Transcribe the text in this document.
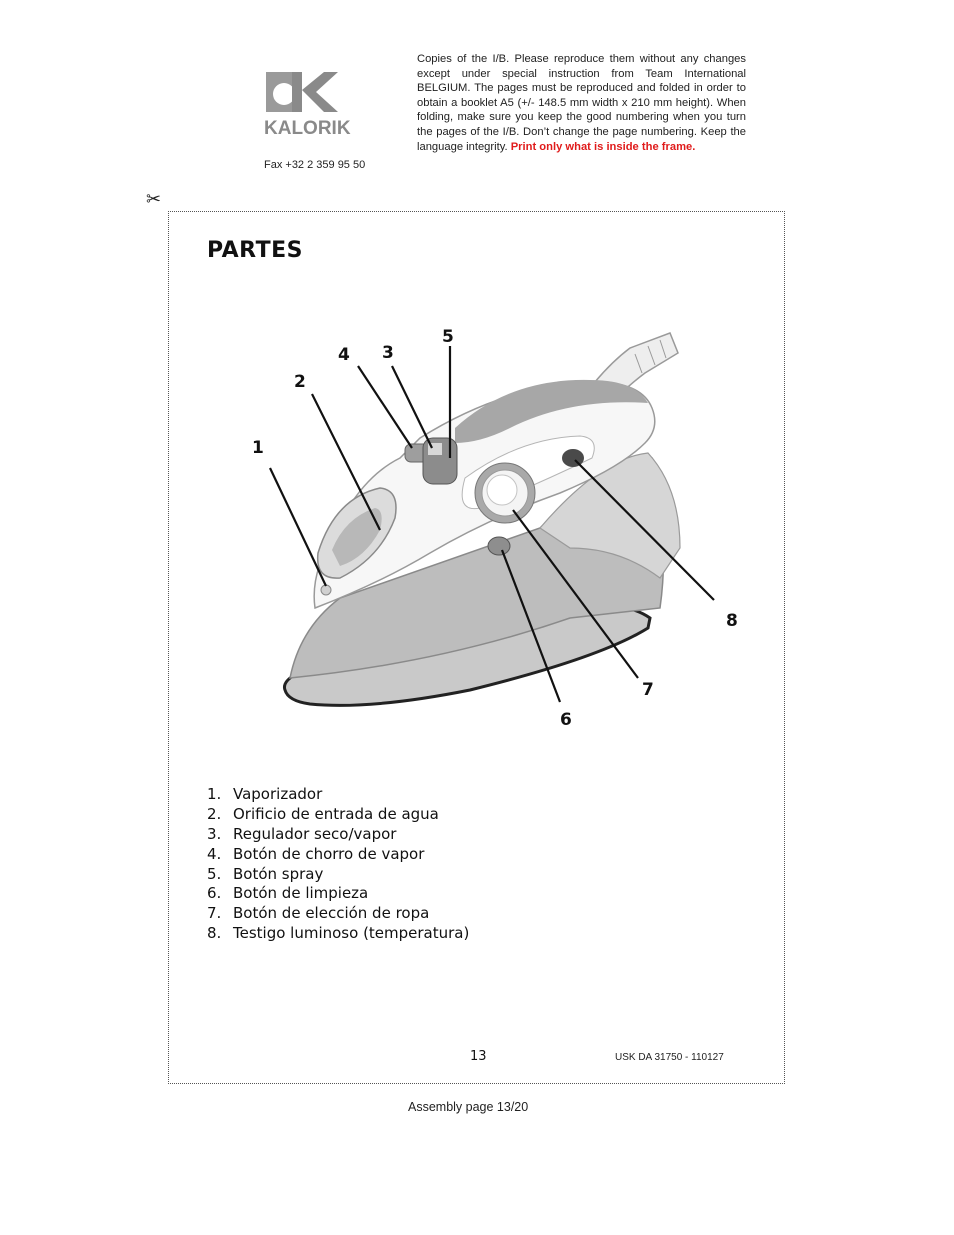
KALORIK
Fax +32 2 359 95 50
Copies of the I/B. Please reproduce them without any changes except under special instruction from Team International BELGIUM. The pages must be reproduced and folded in order to obtain a booklet A5 (+/- 148.5 mm width x 210 mm height). When folding, make sure you keep the good numbering when you turn the pages of the I/B. Don’t change the page numbering. Keep the language integrity. Print only what is inside the frame.
✂
PARTES
1
2
3
4
5
6
7
8
1. Vaporizador
2. Orificio de entrada de agua
3. Regulador seco/vapor
4. Botón de chorro de vapor
5. Botón spray
6. Botón de limpieza
7. Botón de elección de ropa
8. Testigo luminoso (temperatura)
13	USK DA 31750 - 110127
Assembly page 13/20
